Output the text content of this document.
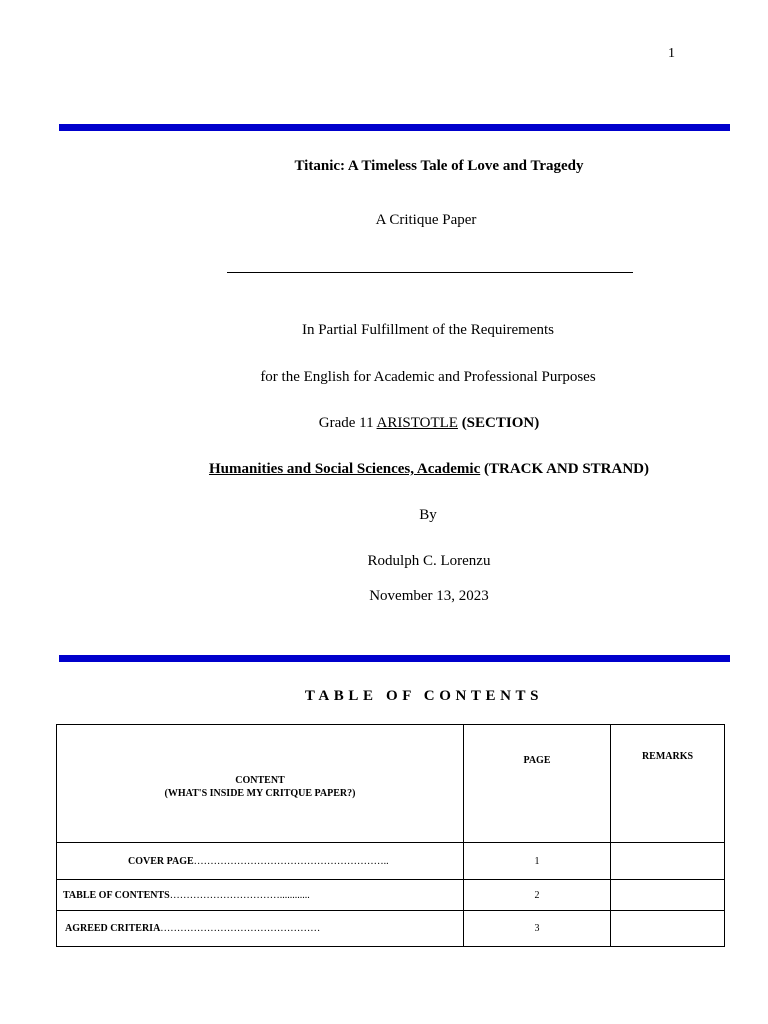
1
Titanic: A Timeless Tale of Love and Tragedy
A Critique Paper
In Partial Fulfillment of the Requirements
for the English for Academic and Professional Purposes
Grade 11 ARISTOTLE (SECTION)
Humanities and Social Sciences, Academic (TRACK AND STRAND)
By
Rodulph C. Lorenzu
November 13, 2023
TABLE OF CONTENTS
CONTENT
(WHAT'S INSIDE MY CRITQUE PAPER?)	PAGE	REMARKS
COVER PAGE…………………………………………………..	1	
TABLE OF CONTENTS……………………………............	2	
AGREED CRITERIA…………………………………………	3	
